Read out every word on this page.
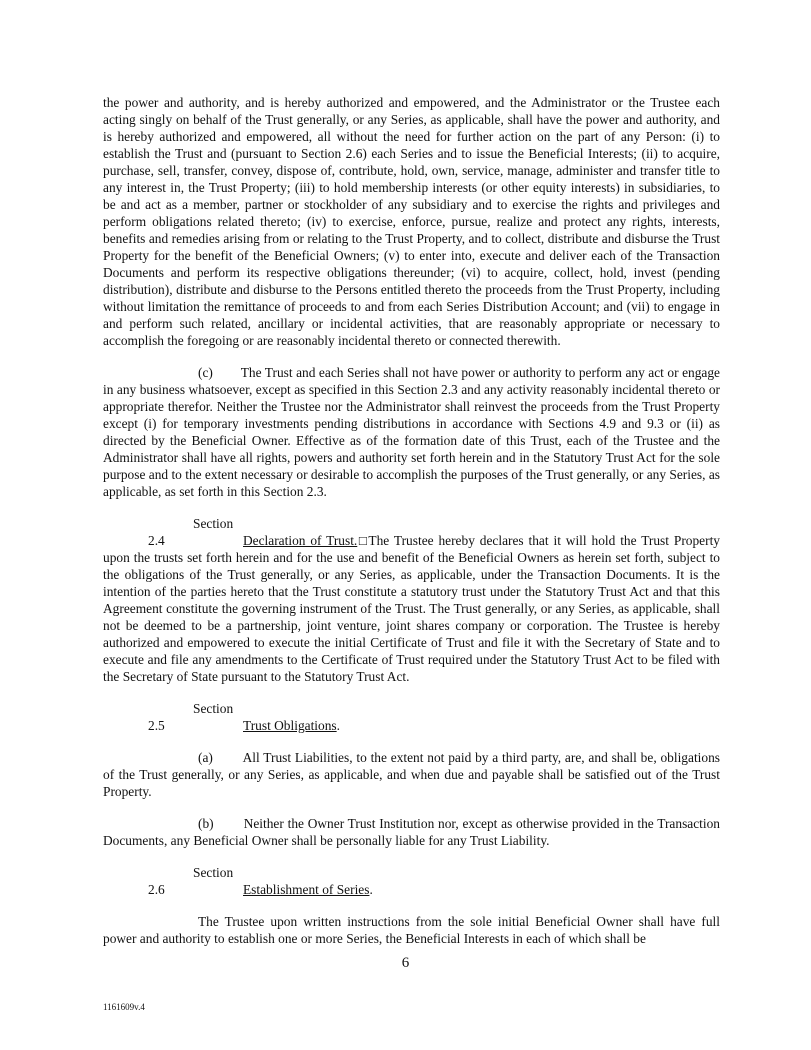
the power and authority, and is hereby authorized and empowered, and the Administrator or the Trustee each acting singly on behalf of the Trust generally, or any Series, as applicable, shall have the power and authority, and is hereby authorized and empowered, all without the need for further action on the part of any Person: (i) to establish the Trust and (pursuant to Section 2.6) each Series and to issue the Beneficial Interests; (ii) to acquire, purchase, sell, transfer, convey, dispose of, contribute, hold, own, service, manage, administer and transfer title to any interest in, the Trust Property; (iii) to hold membership interests (or other equity interests) in subsidiaries, to be and act as a member, partner or stockholder of any subsidiary and to exercise the rights and privileges and perform obligations related thereto; (iv) to exercise, enforce, pursue, realize and protect any rights, interests, benefits and remedies arising from or relating to the Trust Property, and to collect, distribute and disburse the Trust Property for the benefit of the Beneficial Owners; (v) to enter into, execute and deliver each of the Transaction Documents and perform its respective obligations thereunder; (vi) to acquire, collect, hold, invest (pending distribution), distribute and disburse to the Persons entitled thereto the proceeds from the Trust Property, including without limitation the remittance of proceeds to and from each Series Distribution Account; and (vii) to engage in and perform such related, ancillary or incidental activities, that are reasonably appropriate or necessary to accomplish the foregoing or are reasonably incidental thereto or connected therewith.

(c) The Trust and each Series shall not have power or authority to perform any act or engage in any business whatsoever, except as specified in this Section 2.3 and any activity reasonably incidental thereto or appropriate therefor. Neither the Trustee nor the Administrator shall reinvest the proceeds from the Trust Property except (i) for temporary investments pending distributions in accordance with Sections 4.9 and 9.3 or (ii) as directed by the Beneficial Owner. Effective as of the formation date of this Trust, each of the Trustee and the Administrator shall have all rights, powers and authority set forth herein and in the Statutory Trust Act for the sole purpose and to the extent necessary or desirable to accomplish the purposes of the Trust generally, or any Series, as applicable, as set forth in this Section 2.3.

Section 2.4	Declaration of Trust.□The Trustee hereby declares that it will hold the Trust Property upon the trusts set forth herein and for the use and benefit of the Beneficial Owners as herein set forth, subject to the obligations of the Trust generally, or any Series, as applicable, under the Transaction Documents. It is the intention of the parties hereto that the Trust constitute a statutory trust under the Statutory Trust Act and that this Agreement constitute the governing instrument of the Trust. The Trust generally, or any Series, as applicable, shall not be deemed to be a partnership, joint venture, joint shares company or corporation. The Trustee is hereby authorized and empowered to execute the initial Certificate of Trust and file it with the Secretary of State and to execute and file any amendments to the Certificate of Trust required under the Statutory Trust Act to be filed with the Secretary of State pursuant to the Statutory Trust Act.

Section 2.5	Trust Obligations.

(a) All Trust Liabilities, to the extent not paid by a third party, are, and shall be, obligations of the Trust generally, or any Series, as applicable, and when due and payable shall be satisfied out of the Trust Property.

(b) Neither the Owner Trust Institution nor, except as otherwise provided in the Transaction Documents, any Beneficial Owner shall be personally liable for any Trust Liability.

Section 2.6	Establishment of Series.

The Trustee upon written instructions from the sole initial Beneficial Owner shall have full power and authority to establish one or more Series, the Beneficial Interests in each of which shall be

6
1161609v.4
